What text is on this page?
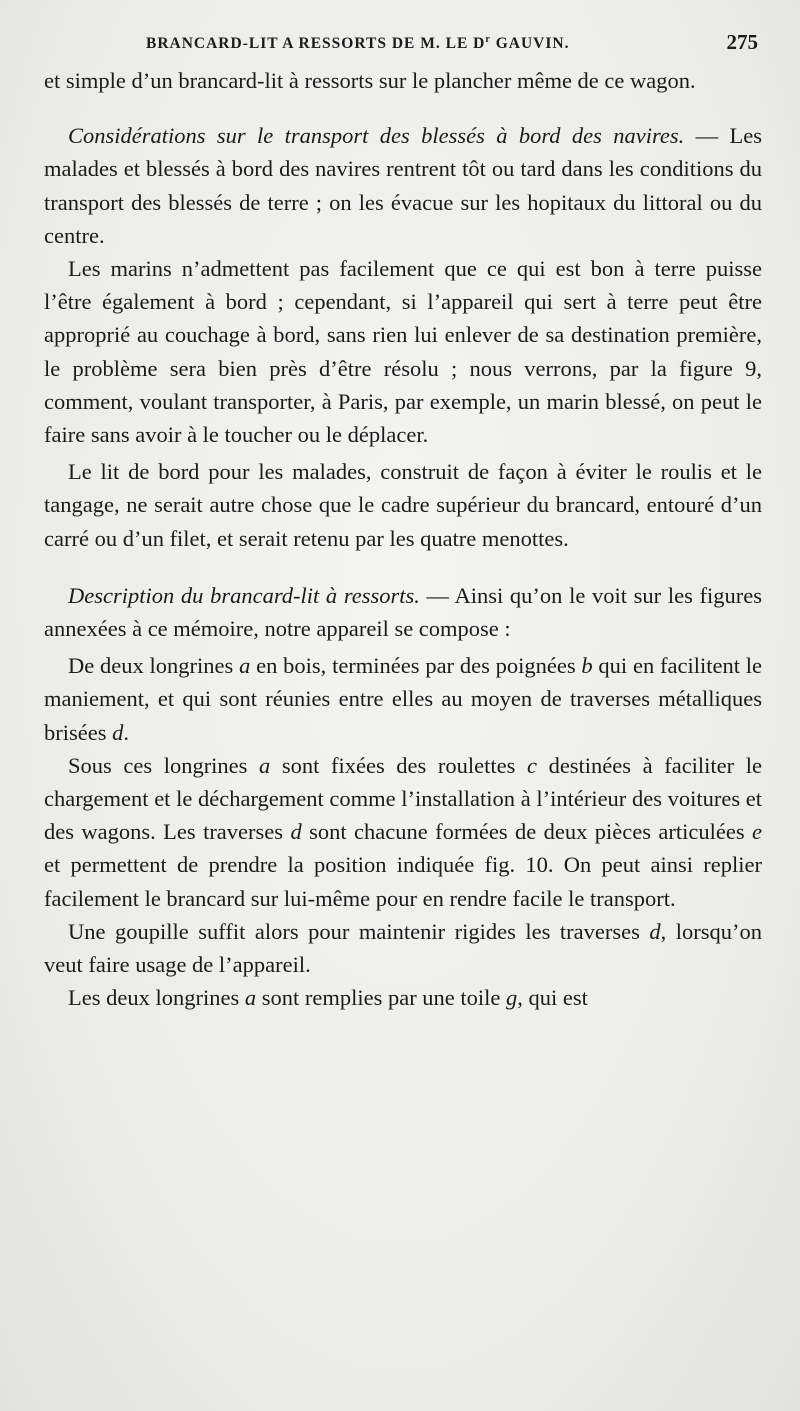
BRANCARD-LIT A RESSORTS DE M. LE $D^r$ GAUVIN.	275

et simple d’un brancard-lit à ressorts sur le plancher même de ce wagon.

Considérations sur le transport des blessés à bord des navires. — Les malades et blessés à bord des navires rentrent tôt ou tard dans les conditions du transport des blessés de terre ; on les évacue sur les hopitaux du littoral ou du centre.

Les marins n’admettent pas facilement que ce qui est bon à terre puisse l’être également à bord ; cependant, si l’appareil qui sert à terre peut être approprié au couchage à bord, sans rien lui enlever de sa destination première, le problème sera bien près d’être résolu ; nous verrons, par la figure 9, comment, voulant transporter, à Paris, par exemple, un marin blessé, on peut le faire sans avoir à le toucher ou le déplacer.

Le lit de bord pour les malades, construit de façon à éviter le roulis et le tangage, ne serait autre chose que le cadre supérieur du brancard, entouré d’un carré ou d’un filet, et serait retenu par les quatre menottes.

Description du brancard-lit à ressorts. — Ainsi qu’on le voit sur les figures annexées à ce mémoire, notre appareil se compose :

De deux longrines a en bois, terminées par des poignées b qui en facilitent le maniement, et qui sont réunies entre elles au moyen de traverses métalliques brisées d.

Sous ces longrines a sont fixées des roulettes c destinées à faciliter le chargement et le déchargement comme l’installation à l’intérieur des voitures et des wagons. Les traverses d sont chacune formées de deux pièces articulées e et permettent de prendre la position indiquée fig. 10. On peut ainsi replier facilement le brancard sur lui-même pour en rendre facile le transport.

Une goupille suffit alors pour maintenir rigides les traverses d, lorsqu’on veut faire usage de l’appareil.

Les deux longrines a sont remplies par une toile g, qui est
